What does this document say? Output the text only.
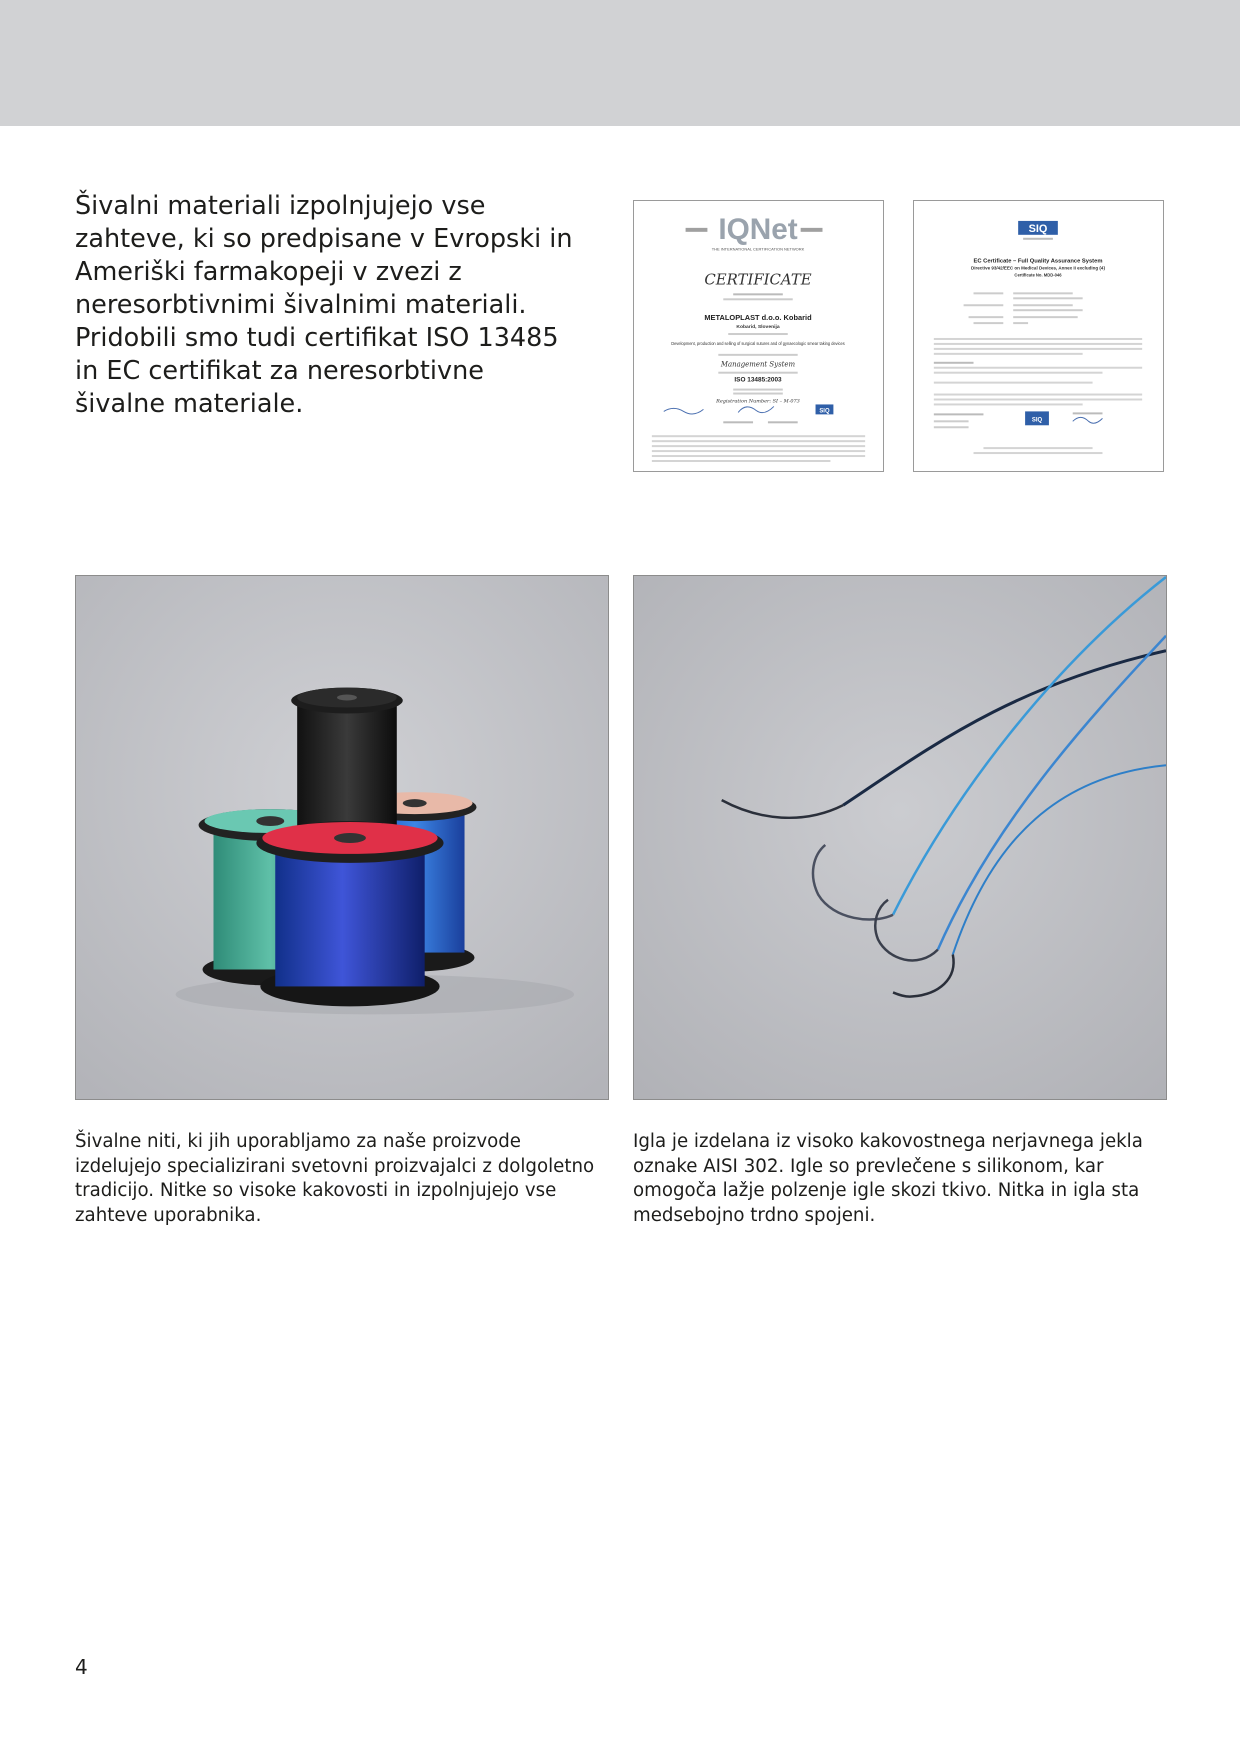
Šivalni materiali izpolnjujejo vse zahteve, ki so predpisane v Evropski in Ameriški farmakopeji v zvezi z neresorbtivnimi šivalnimi materiali. Pridobili smo tudi certifikat ISO 13485 in EC certifikat za neresorbtivne šivalne materiale.

IQNet
THE INTERNATIONAL CERTIFICATION NETWORK
CERTIFICATE
METALOPLAST d.o.o. Kobarid
Kobarid, Slovenija
Development, production and selling of surgical sutures and of gynaecologic smear taking devices
Management System
ISO 13485:2003
Registration Number: SI – M-073
SIQ
SIQ
EC Certificate – Full Quality Assurance System
Directive 93/42/EEC on Medical Devices, Annex II excluding (4)
Certificate No. MDD-046
SIQ

Šivalne niti, ki jih uporabljamo za naše proizvode izdelujejo specializirani svetovni proizvajalci z dolgoletno tradicijo. Nitke so visoke kakovosti in izpolnjujejo vse zahteve uporabnika.

Igla je izdelana iz visoko kakovostnega nerjavnega jekla oznake AISI 302. Igle so prevlečene s silikonom, kar omogoča lažje polzenje igle skozi tkivo. Nitka in igla sta medsebojno trdno spojeni.

4
